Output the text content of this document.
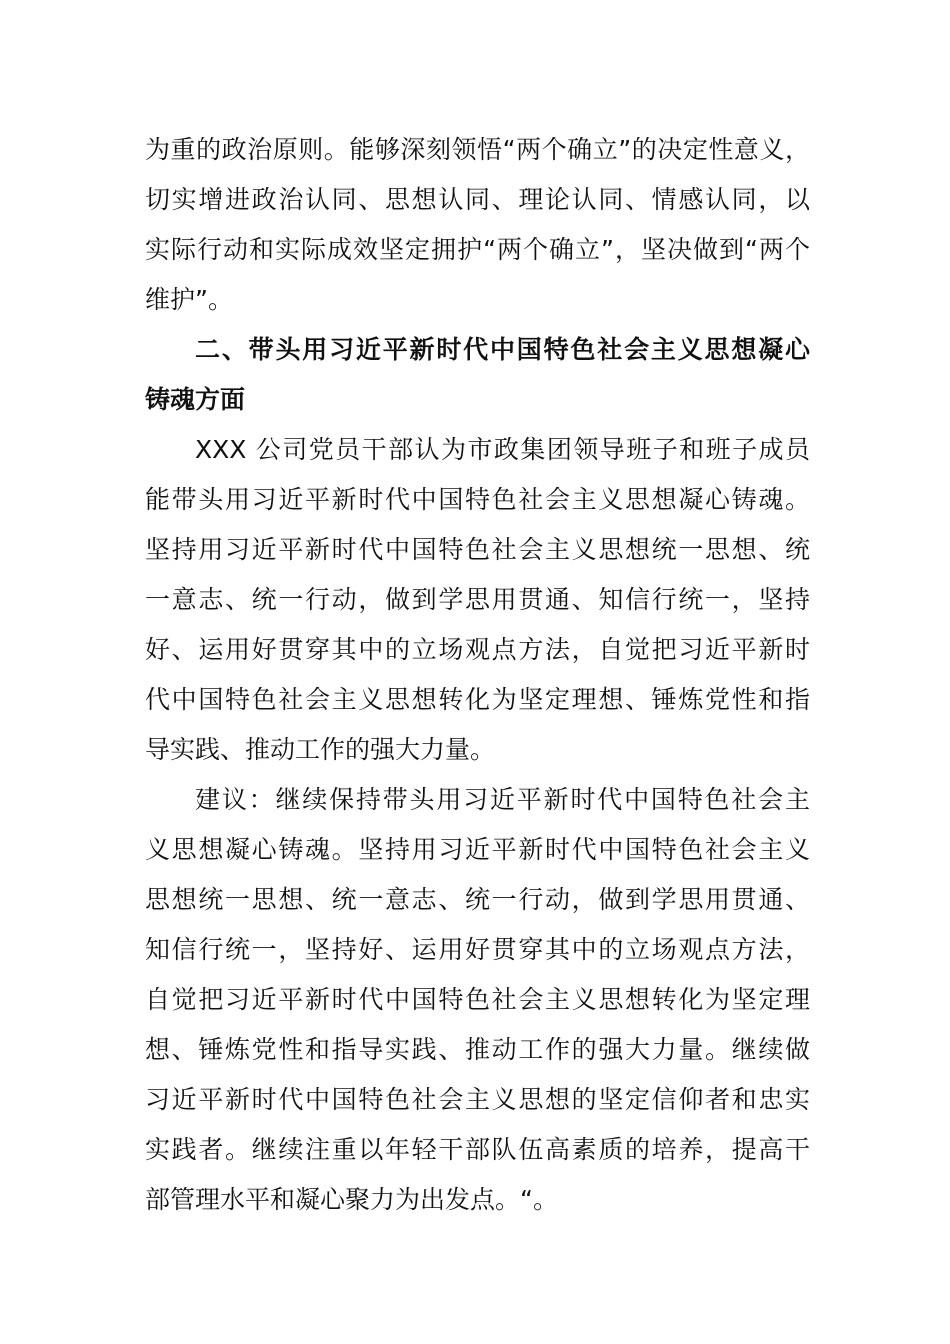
为重的政治原则。能够深刻领悟“两个确立”的决定性意义，
切实增进政治认同、思想认同、理论认同、情感认同，以
实际行动和实际成效坚定拥护“两个确立”，坚决做到“两个
维护”。
二、带头用习近平新时代中国特色社会主义思想凝心
铸魂方面
XXX 公司党员干部认为市政集团领导班子和班子成员
能带头用习近平新时代中国特色社会主义思想凝心铸魂。
坚持用习近平新时代中国特色社会主义思想统一思想、统
一意志、统一行动，做到学思用贯通、知信行统一，坚持
好、运用好贯穿其中的立场观点方法，自觉把习近平新时
代中国特色社会主义思想转化为坚定理想、锤炼党性和指
导实践、推动工作的强大力量。
建议：继续保持带头用习近平新时代中国特色社会主
义思想凝心铸魂。坚持用习近平新时代中国特色社会主义
思想统一思想、统一意志、统一行动，做到学思用贯通、
知信行统一，坚持好、运用好贯穿其中的立场观点方法，
自觉把习近平新时代中国特色社会主义思想转化为坚定理
想、锤炼党性和指导实践、推动工作的强大力量。继续做
习近平新时代中国特色社会主义思想的坚定信仰者和忠实
实践者。继续注重以年轻干部队伍高素质的培养，提高干
部管理水平和凝心聚力为出发点。“。
